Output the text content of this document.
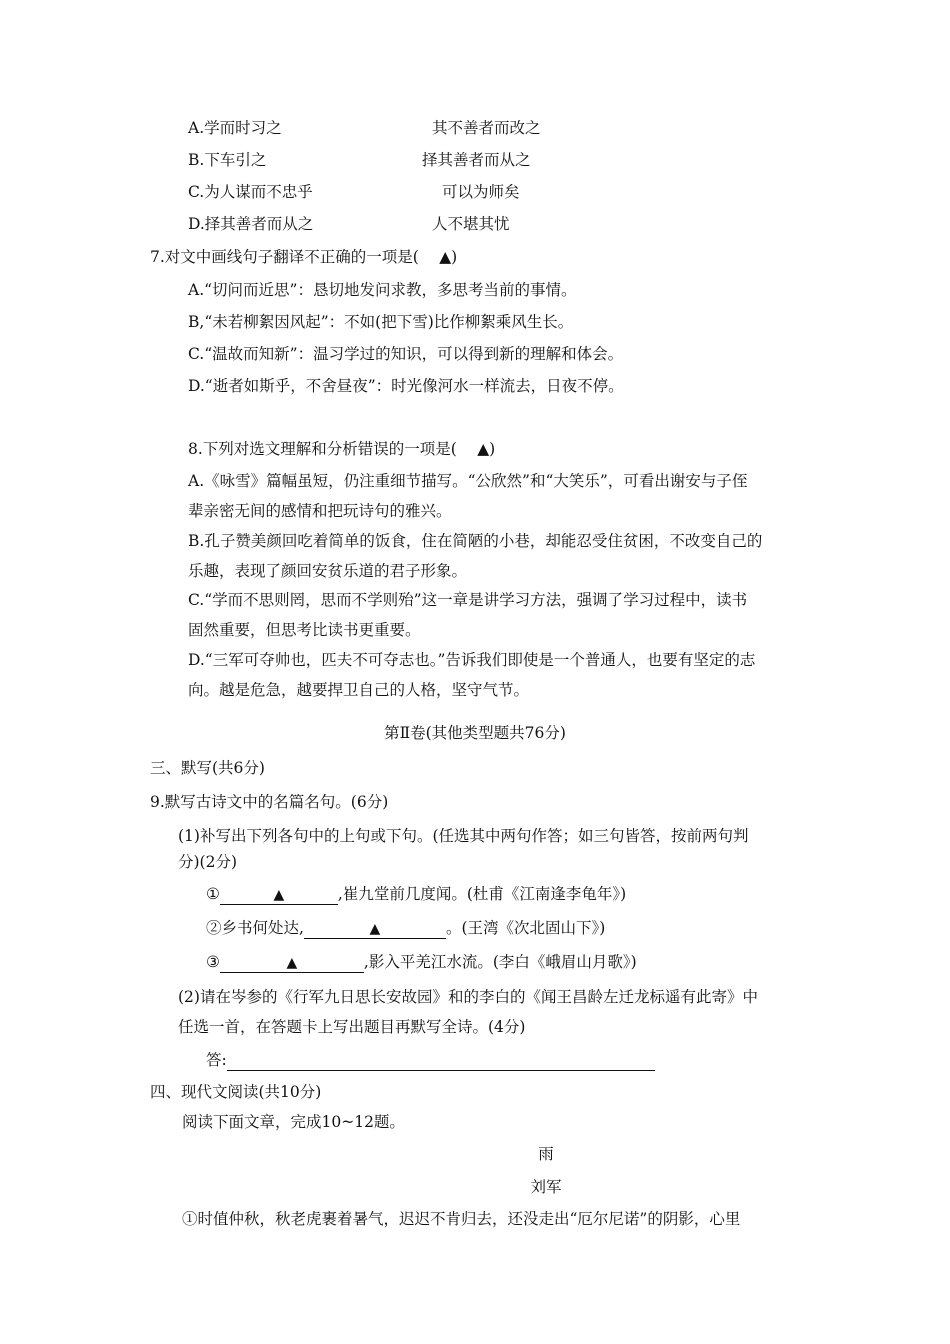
A.学而时习之	其不善者而改之
B.下车引之	择其善者而从之
C.为人谋而不忠乎	可以为师矣
D.择其善者而从之	人不堪其忧
7.对文中画线句子翻译不正确的一项是(　 ▲)
A.“切问而近思”：恳切地发问求教，多思考当前的事情。
B,“未若柳絮因风起”：不如(把下雪)比作柳絮乘风生长。
C.“温故而知新”：温习学过的知识，可以得到新的理解和体会。
D.“逝者如斯乎，不舍昼夜”：时光像河水一样流去，日夜不停。
8.下列对选文理解和分析错误的一项是(　 ▲)
A.《咏雪》篇幅虽短，仍注重细节描写。“公欣然”和“大笑乐”，可看出谢安与子侄
辈亲密无间的感情和把玩诗句的雅兴。
B.孔子赞美颜回吃着简单的饭食，住在简陋的小巷，却能忍受住贫困，不改变自己的
乐趣，表现了颜回安贫乐道的君子形象。
C.“学而不思则罔，思而不学则殆”这一章是讲学习方法，强调了学习过程中，读书
固然重要，但思考比读书更重要。
D.“三军可夺帅也，匹夫不可夺志也。”告诉我们即使是一个普通人，也要有坚定的志
向。越是危急，越要捍卫自己的人格，坚守气节。
第Ⅱ卷(其他类型题共76分)
三、默写(共6分)
9.默写古诗文中的名篇名句。(6分)
(1)补写出下列各句中的上句或下句。(任选其中两句作答；如三句皆答，按前两句判
分)(2分)
①	▲	,崔九堂前几度闻。(杜甫《江南逢李龟年》)
②乡书何处达,	▲	。(王湾《次北固山下》)
③	▲	,影入平羌江水流。(李白《峨眉山月歌》)
(2)请在岑参的《行军九日思长安故园》和的李白的《闻王昌龄左迁龙标遥有此寄》中
任选一首，在答题卡上写出题目再默写全诗。(4分)
答:
四、现代文阅读(共10分)
阅读下面文章，完成10~12题。
雨
刘军
①时值仲秋，秋老虎裹着暑气，迟迟不肯归去，还没走出“厄尔尼诺”的阴影，心里
